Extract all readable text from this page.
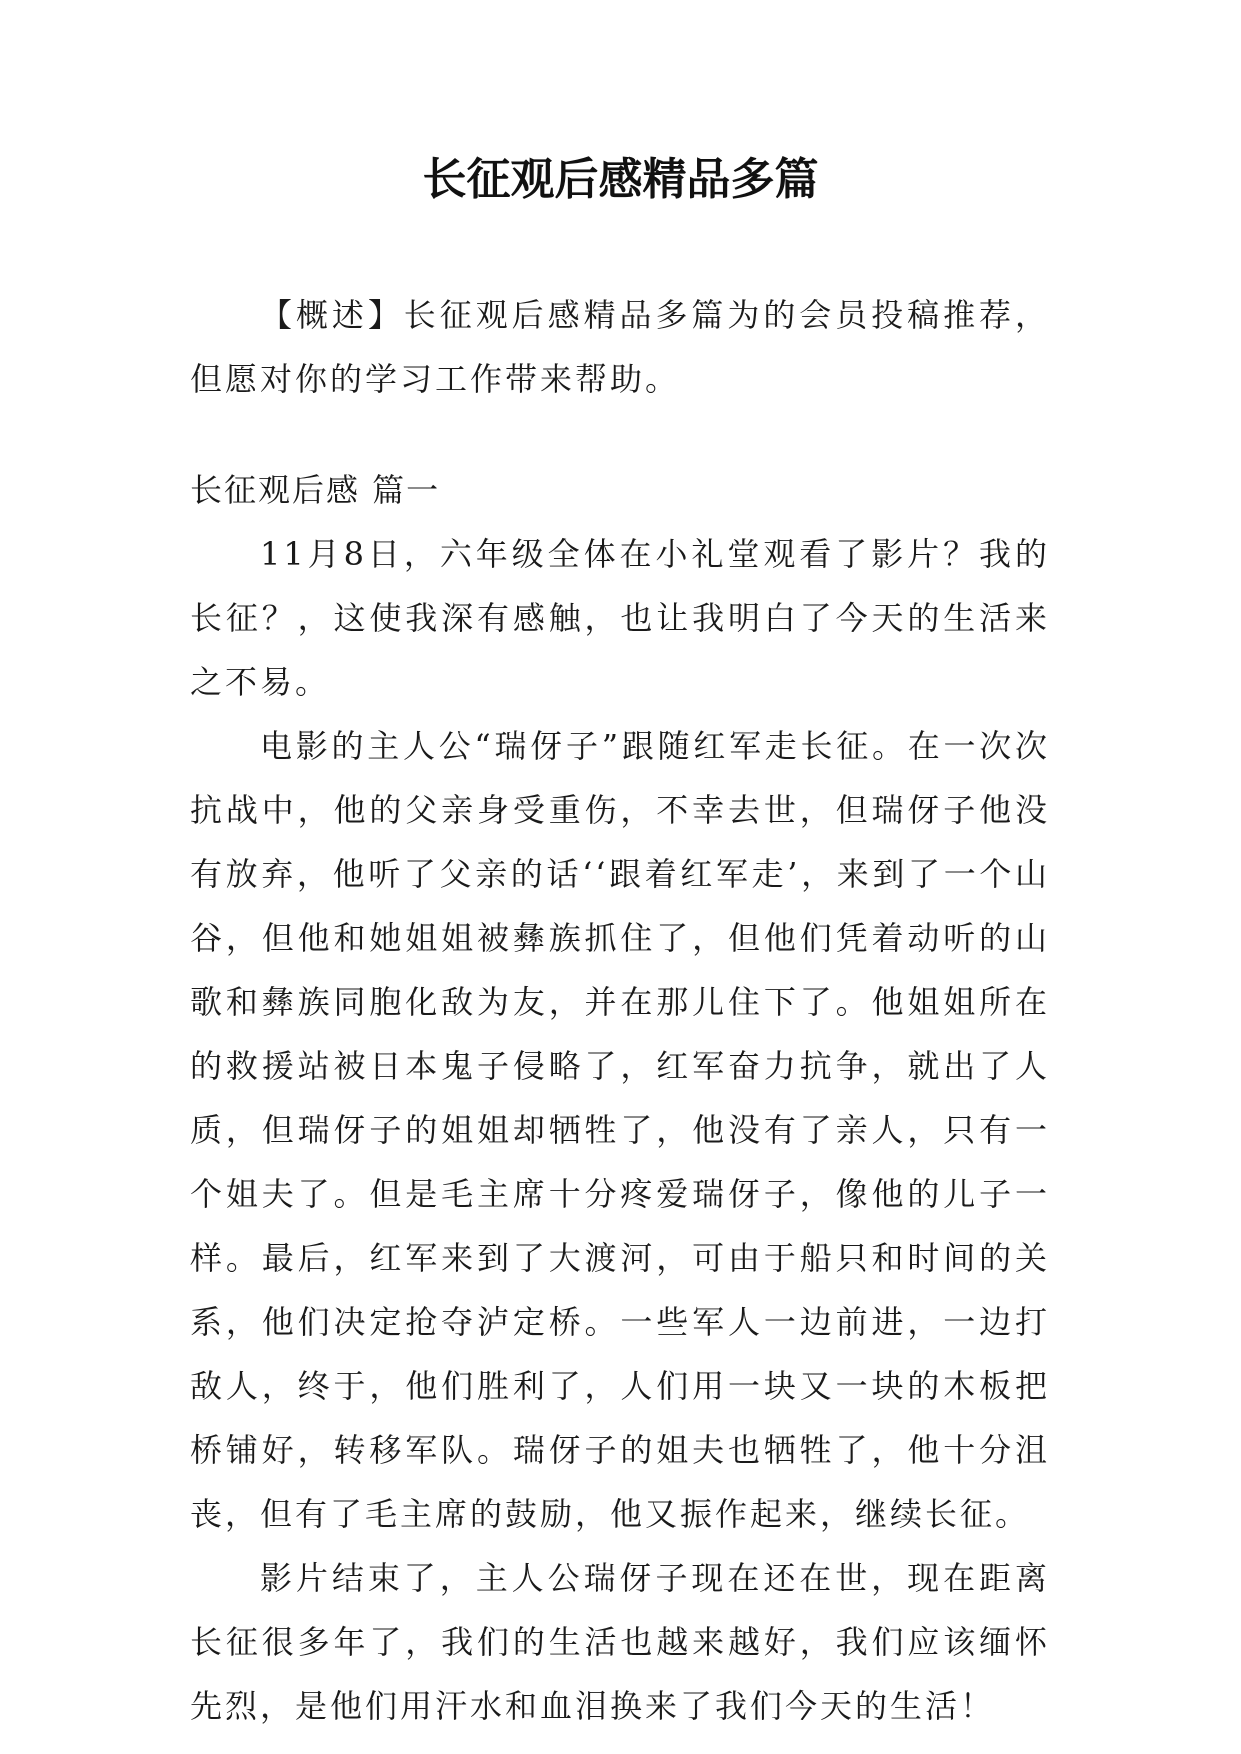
长征观后感精品多篇

【概述】长征观后感精品多篇为的会员投稿推荐，但愿对你的学习工作带来帮助。

长征观后感 篇一

11月8日，六年级全体在小礼堂观看了影片？我的长征？，这使我深有感触，也让我明白了今天的生活来之不易。

电影的主人公“瑞伢子”跟随红军走长征。在一次次抗战中，他的父亲身受重伤，不幸去世，但瑞伢子他没有放弃，他听了父亲的话‘‘跟着红军走’，来到了一个山谷，但他和她姐姐被彝族抓住了，但他们凭着动听的山歌和彝族同胞化敌为友，并在那儿住下了。他姐姐所在的救援站被日本鬼子侵略了，红军奋力抗争，就出了人质，但瑞伢子的姐姐却牺牲了，他没有了亲人，只有一个姐夫了。但是毛主席十分疼爱瑞伢子，像他的儿子一样。最后，红军来到了大渡河，可由于船只和时间的关系，他们决定抢夺泸定桥。一些军人一边前进，一边打敌人，终于，他们胜利了，人们用一块又一块的木板把桥铺好，转移军队。瑞伢子的姐夫也牺牲了，他十分沮丧，但有了毛主席的鼓励，他又振作起来，继续长征。

影片结束了，主人公瑞伢子现在还在世，现在距离长征很多年了，我们的生活也越来越好，我们应该缅怀先烈，是他们用汗水和血泪换来了我们今天的生活！
